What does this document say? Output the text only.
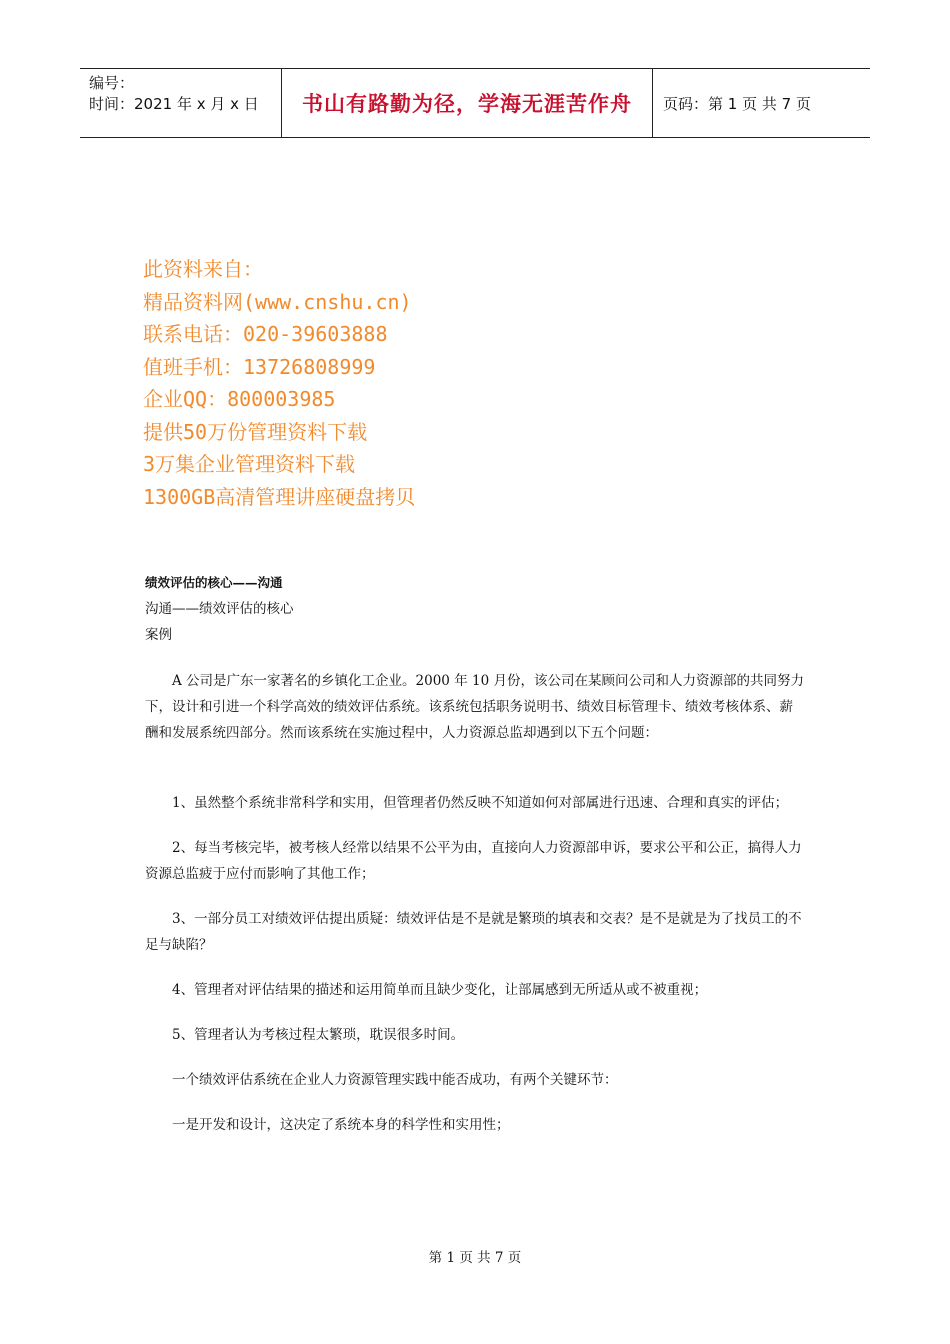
编号：
时间：2021 年 x 月 x 日	书山有路勤为径，学海无涯苦作舟 页码：第 1 页 共 7 页
此资料来自：
精品资料网(www.cnshu.cn)
联系电话：020-39603888
值班手机：13726808999
企业QQ：800003985
提供50万份管理资料下载
3万集企业管理资料下载
1300GB高清管理讲座硬盘拷贝
绩效评估的核心——沟通
沟通——绩效评估的核心
案例

A 公司是广东一家著名的乡镇化工企业。2000 年 10 月份，该公司在某顾问公司和人力资源部的共同努力下，设计和引进一个科学高效的绩效评估系统。该系统包括职务说明书、绩效目标管理卡、绩效考核体系、薪酬和发展系统四部分。然而该系统在实施过程中，人力资源总监却遇到以下五个问题：

1、虽然整个系统非常科学和实用，但管理者仍然反映不知道如何对部属进行迅速、合理和真实的评估；

2、每当考核完毕，被考核人经常以结果不公平为由，直接向人力资源部申诉，要求公平和公正，搞得人力资源总监疲于应付而影响了其他工作；

3、一部分员工对绩效评估提出质疑：绩效评估是不是就是繁琐的填表和交表？是不是就是为了找员工的不足与缺陷？

4、管理者对评估结果的描述和运用简单而且缺少变化，让部属感到无所适从或不被重视；

5、管理者认为考核过程太繁琐，耽误很多时间。

一个绩效评估系统在企业人力资源管理实践中能否成功，有两个关键环节：

一是开发和设计，这决定了系统本身的科学性和实用性；

第 1 页 共 7 页
